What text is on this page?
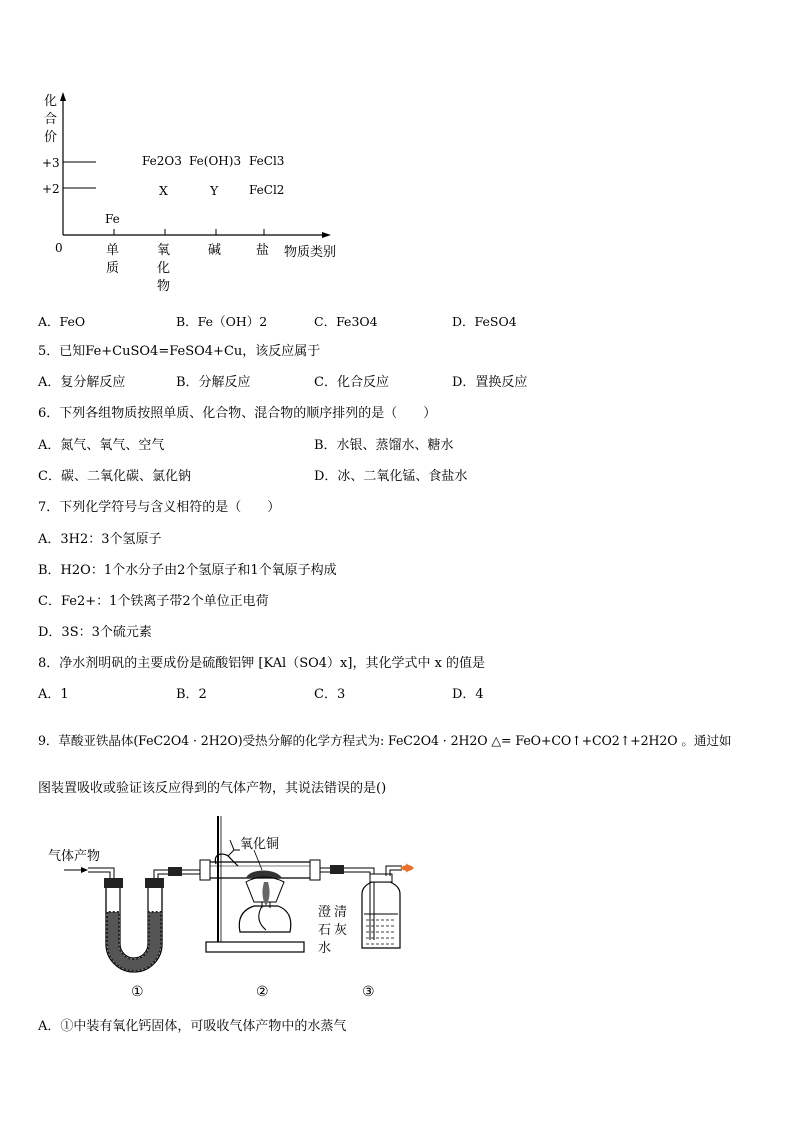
化
合
价
+3
+2
0	单
质
氧
化
物
碱	盐 物质类别
Fe
Fe2O3
X
Fe(OH)3
Y
FeCl3
FeCl2
A．FeO	B．Fe（OH）2	C．Fe3O4	D．FeSO4
5．已知Fe+CuSO4=FeSO4+Cu，该反应属于
A．复分解反应	B．分解反应	C．化合反应	D．置换反应
6．下列各组物质按照单质、化合物、混合物的顺序排列的是（　　）
A．氮气、氧气、空气	B．水银、蒸馏水、糖水
C．碳、二氧化碳、氯化钠	D．冰、二氧化锰、食盐水
7．下列化学符号与含义相符的是（　　）
A．3H2：3个氢原子
B．H2O：1个水分子由2个氢原子和1个氧原子构成
C．Fe2+：1个铁离子带2个单位正电荷
D．3S：3个硫元素
8．净水剂明矾的主要成份是硫酸铝钾 [KAl（SO4）x]，其化学式中 x 的值是
A．1	B．2	C．3	D．4
9．草酸亚铁晶体(FeC2O4 · 2H2O)受热分解的化学方程式为: FeC2O4 · 2H2O △= FeO+CO↑+CO2↑+2H2O 。通过如
图装置吸收或验证该反应得到的气体产物，其说法错误的是()
气体产物
氧化铜
澄 清
石 灰
水
①	②	③
A．①中装有氧化钙固体，可吸收气体产物中的水蒸气
